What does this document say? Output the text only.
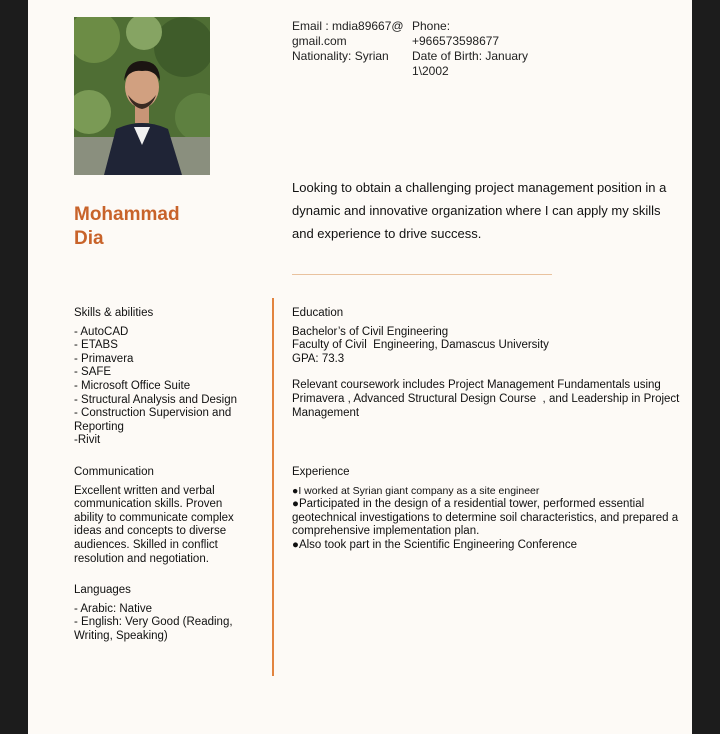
Mohammad
Dia
Email : mdia89667@
gmail.com
Nationality: Syrian
Phone:
+966573598677
Date of Birth: January
1\2002
Looking to obtain a challenging project management position in a dynamic and innovative organization where I can apply my skills and experience to drive success.
Skills & abilities
- AutoCAD
- ETABS
- Primavera
- SAFE
- Microsoft Office Suite
- Structural Analysis and Design
- Construction Supervision and Reporting
-Rivit
Communication
Excellent written and verbal communication skills. Proven ability to communicate complex ideas and concepts to diverse audiences. Skilled in conflict resolution and negotiation.
Languages
- Arabic: Native
- English: Very Good (Reading, Writing, Speaking)
Education
Bachelor’s of Civil Engineering
Faculty of Civil  Engineering, Damascus University
GPA: 73.3
Relevant coursework includes Project Management Fundamentals using Primavera , Advanced Structural Design Course  , and Leadership in Project Management
Experience
●I worked at Syrian giant company as a site engineer
●Participated in the design of a residential tower, performed essential geotechnical investigations to determine soil characteristics, and prepared a comprehensive implementation plan.
●Also took part in the Scientific Engineering Conference
